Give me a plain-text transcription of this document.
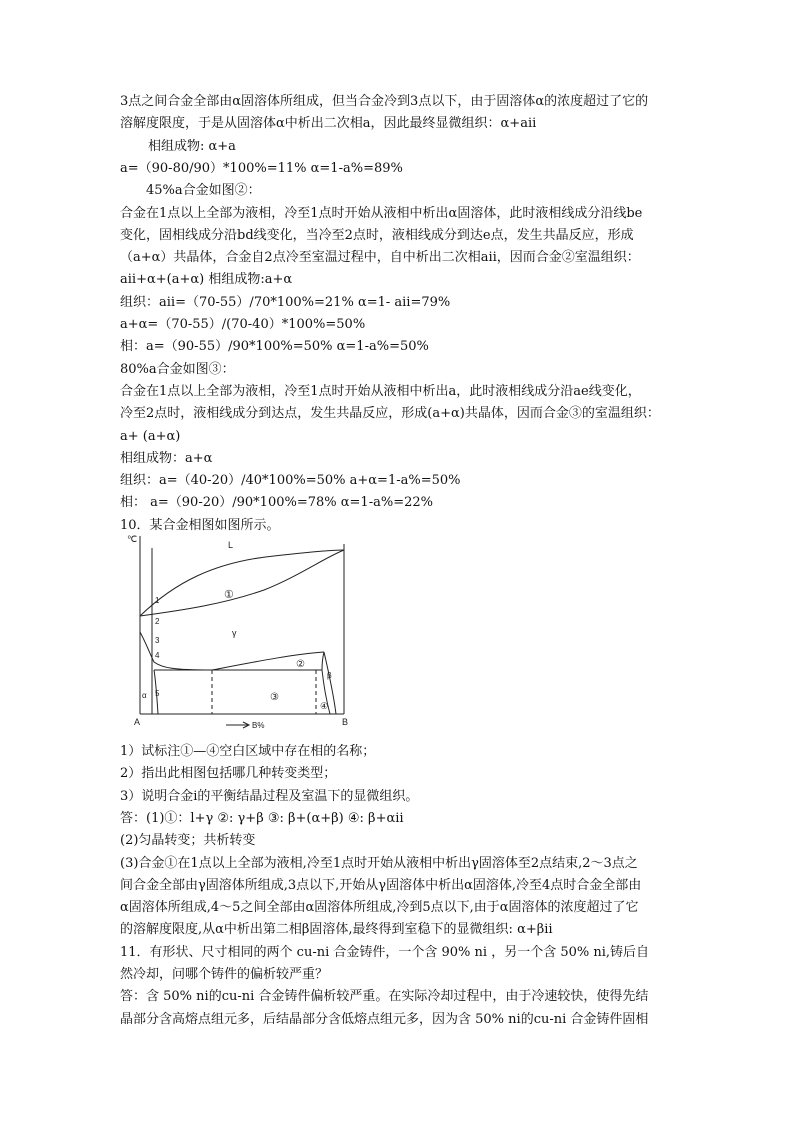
3点之间合金全部由α固溶体所组成，但当合金冷到3点以下，由于固溶体α的浓度超过了它的
溶解度限度，于是从固溶体α中析出二次相a，因此最终显微组织：α+aⅱ
相组成物: α+a
a=（90-80/90）*100%=11% α=1-a%=89%
45%a合金如图②：
合金在1点以上全部为液相，冷至1点时开始从液相中析出α固溶体，此时液相线成分沿线be
变化，固相线成分沿bd线变化，当冷至2点时，液相线成分到达e点，发生共晶反应，形成
（a+α）共晶体，合金自2点冷至室温过程中，自中析出二次相aⅱ，因而合金②室温组织：
aⅱ+α+(a+α) 相组成物:a+α
组织：aⅱ=（70-55）/70*100%=21% α=1- aⅱ=79%
a+α=（70-55）/(70-40）*100%=50%
相：a=（90-55）/90*100%=50% α=1-a%=50%
80%a合金如图③：
合金在1点以上全部为液相，冷至1点时开始从液相中析出a，此时液相线成分沿ae线变化，
冷至2点时，液相线成分到达点，发生共晶反应，形成(a+α)共晶体，因而合金③的室温组织：
a+ (a+α)
相组成物：a+α
组织：a=（40-20）/40*100%=50% a+α=1-a%=50%
相： a=（90-20）/90*100%=78% α=1-a%=22%
10．某合金相图如图所示。
℃
A	B
B%
L
γ
α
β
①
②
③
④
1
2
3
4
5
1）试标注①—④空白区域中存在相的名称；
2）指出此相图包括哪几种转变类型；
3）说明合金ⅰ的平衡结晶过程及室温下的显微组织。
答：(1)①：l+γ ②: γ+β ③: β+(α+β) ④: β+αⅱ
(2)匀晶转变；共析转变
(3)合金①在1点以上全部为液相,冷至1点时开始从液相中析出γ固溶体至2点结束,2～3点之
间合金全部由γ固溶体所组成,3点以下,开始从γ固溶体中析出α固溶体,冷至4点时合金全部由
α固溶体所组成,4～5之间全部由α固溶体所组成,冷到5点以下,由于α固溶体的浓度超过了它
的溶解度限度,从α中析出第二相β固溶体,最终得到室稳下的显微组织: α+βⅱ
11．有形状、尺寸相同的两个 cu-ni 合金铸件，一个含 90% ni ，另一个含 50% ni,铸后自
然冷却，问哪个铸件的偏析较严重？
答：含 50% ni的cu-ni 合金铸件偏析较严重。在实际冷却过程中，由于冷速较快，使得先结
晶部分含高熔点组元多，后结晶部分含低熔点组元多，因为含 50% ni的cu-ni 合金铸件固相
